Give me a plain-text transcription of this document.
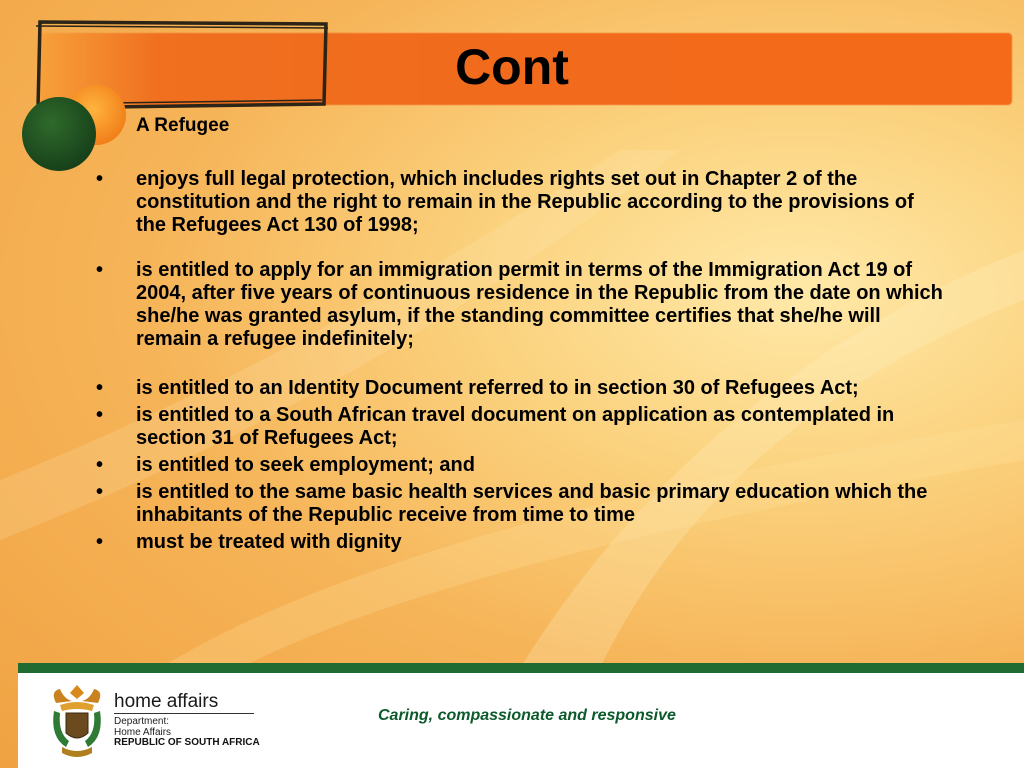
Cont
A Refugee
• enjoys full legal protection, which includes rights set out in Chapter 2 of the constitution and the right to remain in the Republic according to the provisions of the Refugees Act 130 of 1998;
• is entitled to apply for an immigration permit in terms of the Immigration Act 19 of 2004, after five years of continuous residence in the Republic from the date on which she/he was granted asylum, if the standing committee certifies that she/he will remain a refugee indefinitely;
• is entitled to an Identity Document referred to in section 30 of Refugees Act;
• is entitled to a South African travel document on application as contemplated in section 31 of Refugees Act;
• is entitled to seek employment; and
• is entitled to the same basic health services and basic primary education which the inhabitants of the Republic receive from time to time
• must be treated with dignity
home affairs
Department:
Home Affairs
REPUBLIC OF SOUTH AFRICA
Caring, compassionate and responsive
